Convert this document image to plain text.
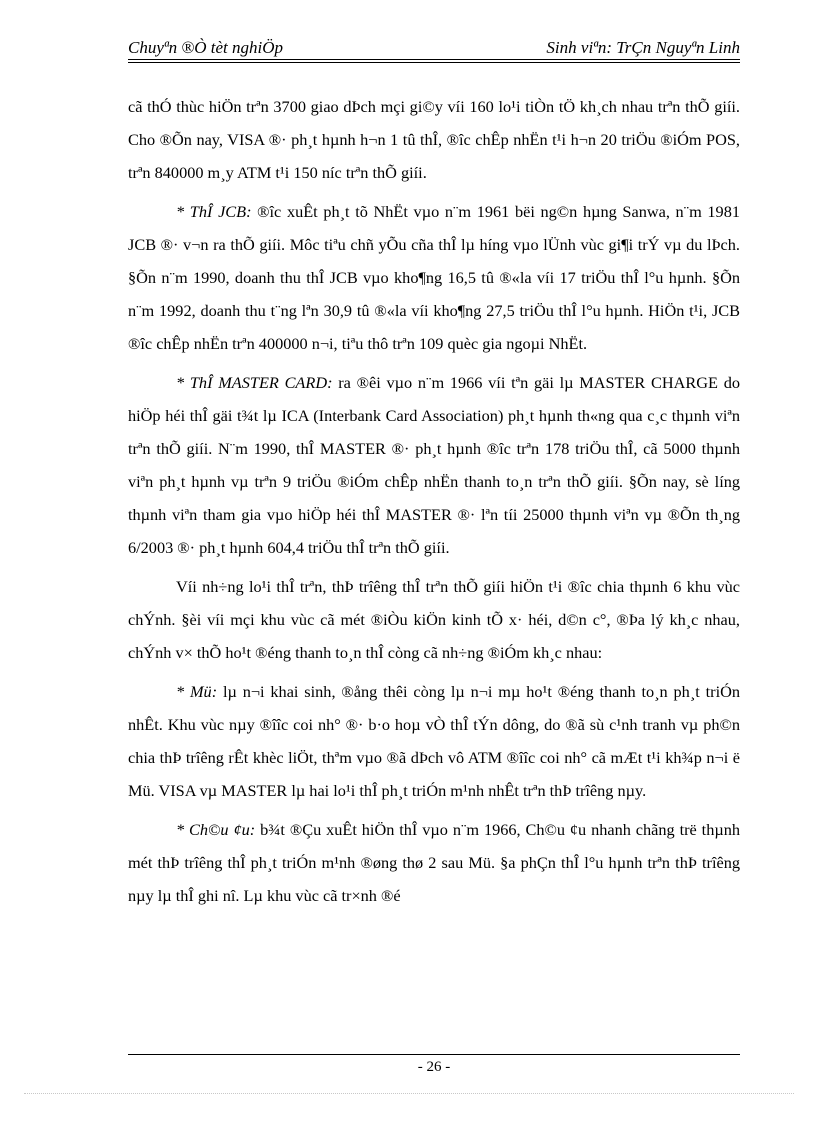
Chuyªn ®Ò tèt nghiÖp	Sinh viªn: TrÇn Nguyªn Linh

cã thÓ thùc hiÖn trªn 3700 giao dÞch mçi gi©y víi 160 lo¹i tiÒn tÖ kh¸ch nhau trªn thÕ giíi. Cho ®Õn nay, VISA ®· ph¸t hµnh h¬n 1 tû thÎ, ®îc chÊp nhËn t¹i h¬n 20 triÖu ®iÓm POS, trªn 840000 m¸y ATM t¹i 150 níc trªn thÕ giíi.

* ThÎ JCB: ®îc xuÊt ph¸t tõ NhËt vµo n¨m 1961 bëi ng©n hµng Sanwa, n¨m 1981 JCB ®· v¬n ra thÕ giíi. Môc tiªu chñ yÕu cña thÎ lµ híng vµo lÜnh vùc gi¶i trÝ vµ du lÞch. §Õn n¨m 1990, doanh thu thÎ JCB vµo kho¶ng 16,5 tû ®«la víi 17 triÖu thÎ l°u hµnh. §Õn n¨m 1992, doanh thu t¨ng lªn 30,9 tû ®«la víi kho¶ng 27,5 triÖu thÎ l°u hµnh. HiÖn t¹i, JCB ®îc chÊp nhËn trªn 400000 n¬i, tiªu thô trªn 109 quèc gia ngoµi NhËt.

* ThÎ MASTER CARD: ra ®êi vµo n¨m 1966 víi tªn gäi lµ MASTER CHARGE do hiÖp héi thÎ gäi t¾t lµ ICA (Interbank Card Association) ph¸t hµnh th«ng qua c¸c thµnh viªn trªn thÕ giíi. N¨m 1990, thÎ MASTER ®· ph¸t hµnh ®îc trªn 178 triÖu thÎ, cã 5000 thµnh viªn ph¸t hµnh vµ trªn 9 triÖu ®iÓm chÊp nhËn thanh to¸n trªn thÕ giíi. §Õn nay, sè líng thµnh viªn tham gia vµo hiÖp héi thÎ MASTER ®· lªn tíi 25000 thµnh viªn vµ ®Õn th¸ng 6/2003 ®· ph¸t hµnh 604,4 triÖu thÎ trªn thÕ giíi.

Víi nh÷ng lo¹i thÎ trªn, thÞ trîêng thÎ trªn thÕ giíi hiÖn t¹i ®îc chia thµnh 6 khu vùc chÝnh. §èi víi mçi khu vùc cã mét ®iÒu kiÖn kinh tÕ x· héi, d©n c°, ®Þa lý kh¸c nhau, chÝnh v× thÕ ho¹t ®éng thanh to¸n thÎ còng cã nh÷ng ®iÓm kh¸c nhau:

* Mü: lµ n¬i khai sinh, ®ång thêi còng lµ n¬i mµ ho¹t ®éng thanh to¸n ph¸t triÓn nhÊt. Khu vùc nµy ®îîc coi nh° ®· b·o hoµ vÒ thÎ tÝn dông, do ®ã sù c¹nh tranh vµ ph©n chia thÞ trîêng rÊt khèc liÖt, thªm vµo ®ã dÞch vô ATM ®îîc coi nh° cã mÆt t¹i kh¾p n¬i ë Mü. VISA vµ MASTER lµ hai lo¹i thÎ ph¸t triÓn m¹nh nhÊt trªn thÞ trîêng nµy.

* Ch©u ¢u: b¾t ®Çu xuÊt hiÖn thÎ vµo n¨m 1966, Ch©u ¢u nhanh chãng trë thµnh mét thÞ trîêng thÎ ph¸t triÓn m¹nh ®øng thø 2 sau Mü. §a phÇn thÎ l°u hµnh trªn thÞ trîêng nµy lµ thÎ ghi nî. Lµ khu vùc cã tr×nh ®é

- 26 -
